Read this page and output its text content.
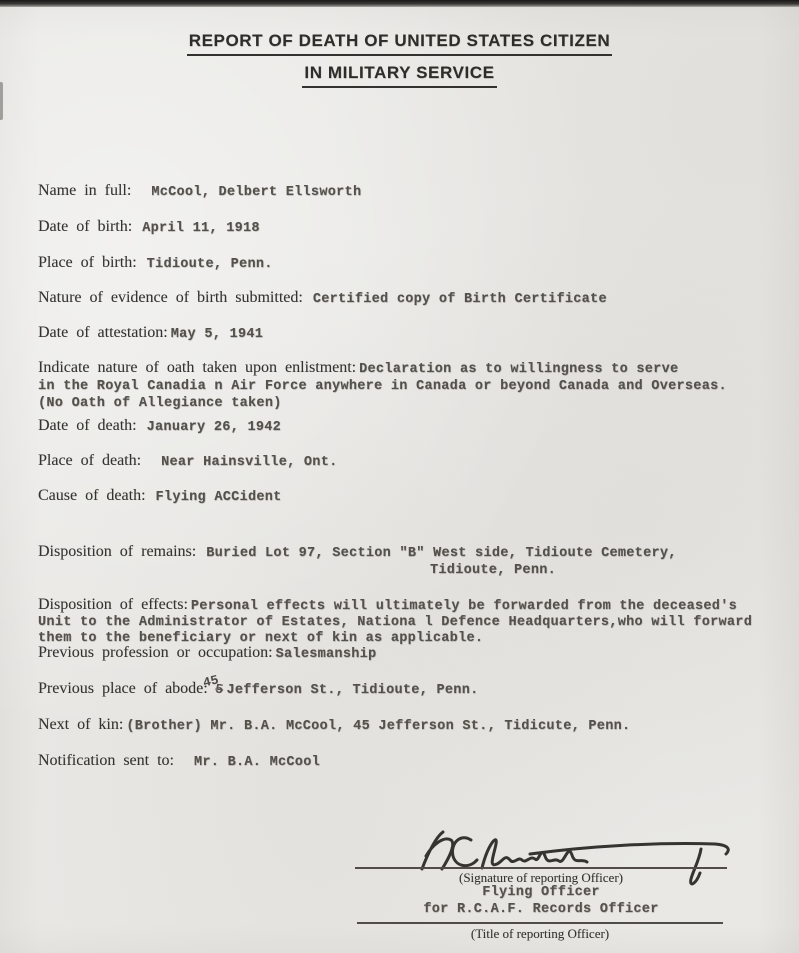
REPORT OF DEATH OF UNITED STATES CITIZEN
IN MILITARY SERVICE
Name in full: McCool, Delbert Ellsworth
Date of birth: April 11, 1918
Place of birth: Tidioute, Penn.
Nature of evidence of birth submitted: Certified copy of Birth Certificate
Date of attestation: May 5, 1941
Indicate nature of oath taken upon enlistment: Declaration as to willingness to serve
in the Royal Canadia n Air Force anywhere in Canada or beyond Canada and Overseas.
(No Oath of Allegiance taken)
Date of death: January 26, 1942
Place of death: Near Hainsville, Ont.
Cause of death: Flying ACCident
Disposition of remains: Buried Lot 97, Section "B" West side, Tidioute Cemetery,
Tidioute, Penn.
Disposition of effects: Personal effects will ultimately be forwarded from the deceased's
Unit to the Administrator of Estates, Nationa l Defence Headquarters,who will forward
them to the beneficiary or next of kin as applicable.
Previous profession or occupation: Salesmanship
Previous place of abode:455 Jefferson St., Tidioute, Penn.
Next of kin: (Brother) Mr. B.A. McCool, 45 Jefferson St., Tidicute, Penn.
Notification sent to: Mr. B.A. McCool
(Signature of reporting Officer)
Flying Officer
for R.C.A.F. Records Officer
(Title of reporting Officer)
